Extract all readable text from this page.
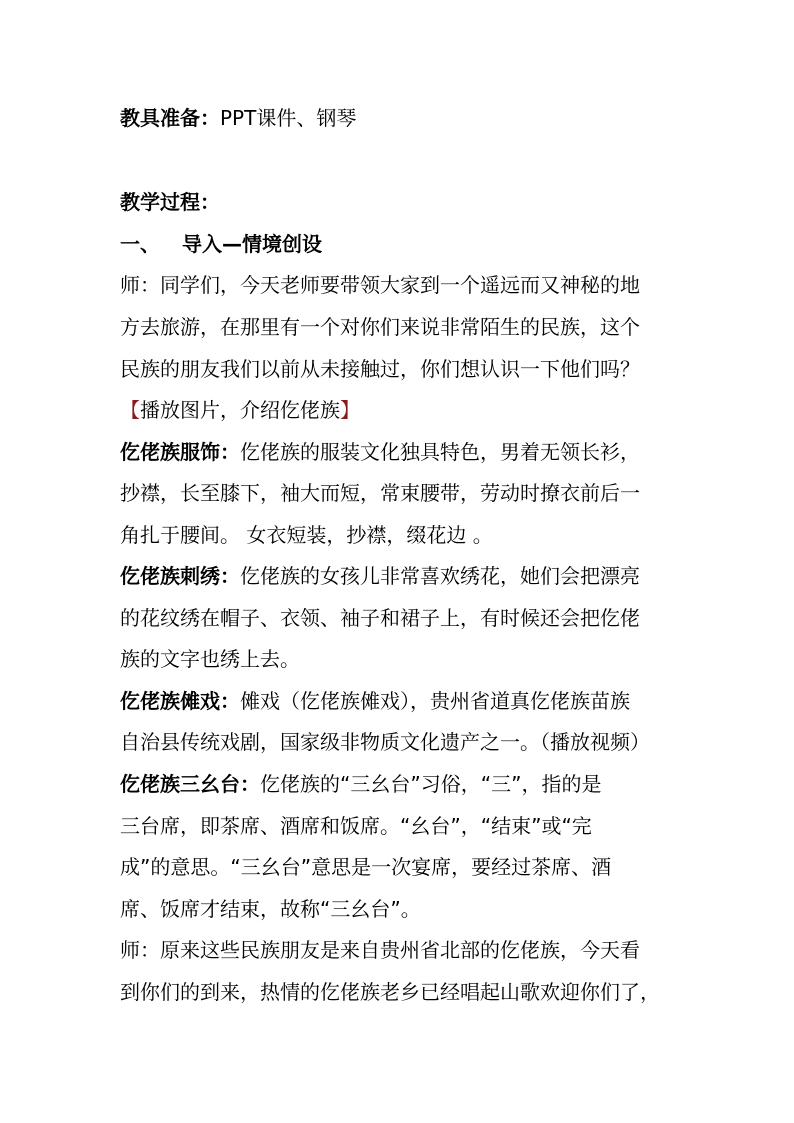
教具准备：PPT课件、钢琴
教学过程：
一、 导入—情境创设
师：同学们，今天老师要带领大家到一个遥远而又神秘的地
方去旅游，在那里有一个对你们来说非常陌生的民族，这个
民族的朋友我们以前从未接触过，你们想认识一下他们吗？
【播放图片，介绍仡佬族】
仡佬族服饰：仡佬族的服装文化独具特色，男着无领长衫，
抄襟，长至膝下，袖大而短，常束腰带，劳动时撩衣前后一
角扎于腰间。 女衣短装，抄襟，缀花边 。
仡佬族刺绣：仡佬族的女孩儿非常喜欢绣花，她们会把漂亮
的花纹绣在帽子、衣领、袖子和裙子上，有时候还会把仡佬
族的文字也绣上去。
仡佬族傩戏：傩戏（仡佬族傩戏），贵州省道真仡佬族苗族
自治县传统戏剧，国家级非物质文化遗产之一。（播放视频）
仡佬族三幺台：仡佬族的“三幺台”习俗，“三”，指的是
三台席，即茶席、酒席和饭席。“幺台”，“结束”或“完
成”的意思。“三幺台”意思是一次宴席，要经过茶席、酒
席、饭席才结束，故称“三幺台”。
师：原来这些民族朋友是来自贵州省北部的仡佬族，今天看
到你们的到来，热情的仡佬族老乡已经唱起山歌欢迎你们了，
